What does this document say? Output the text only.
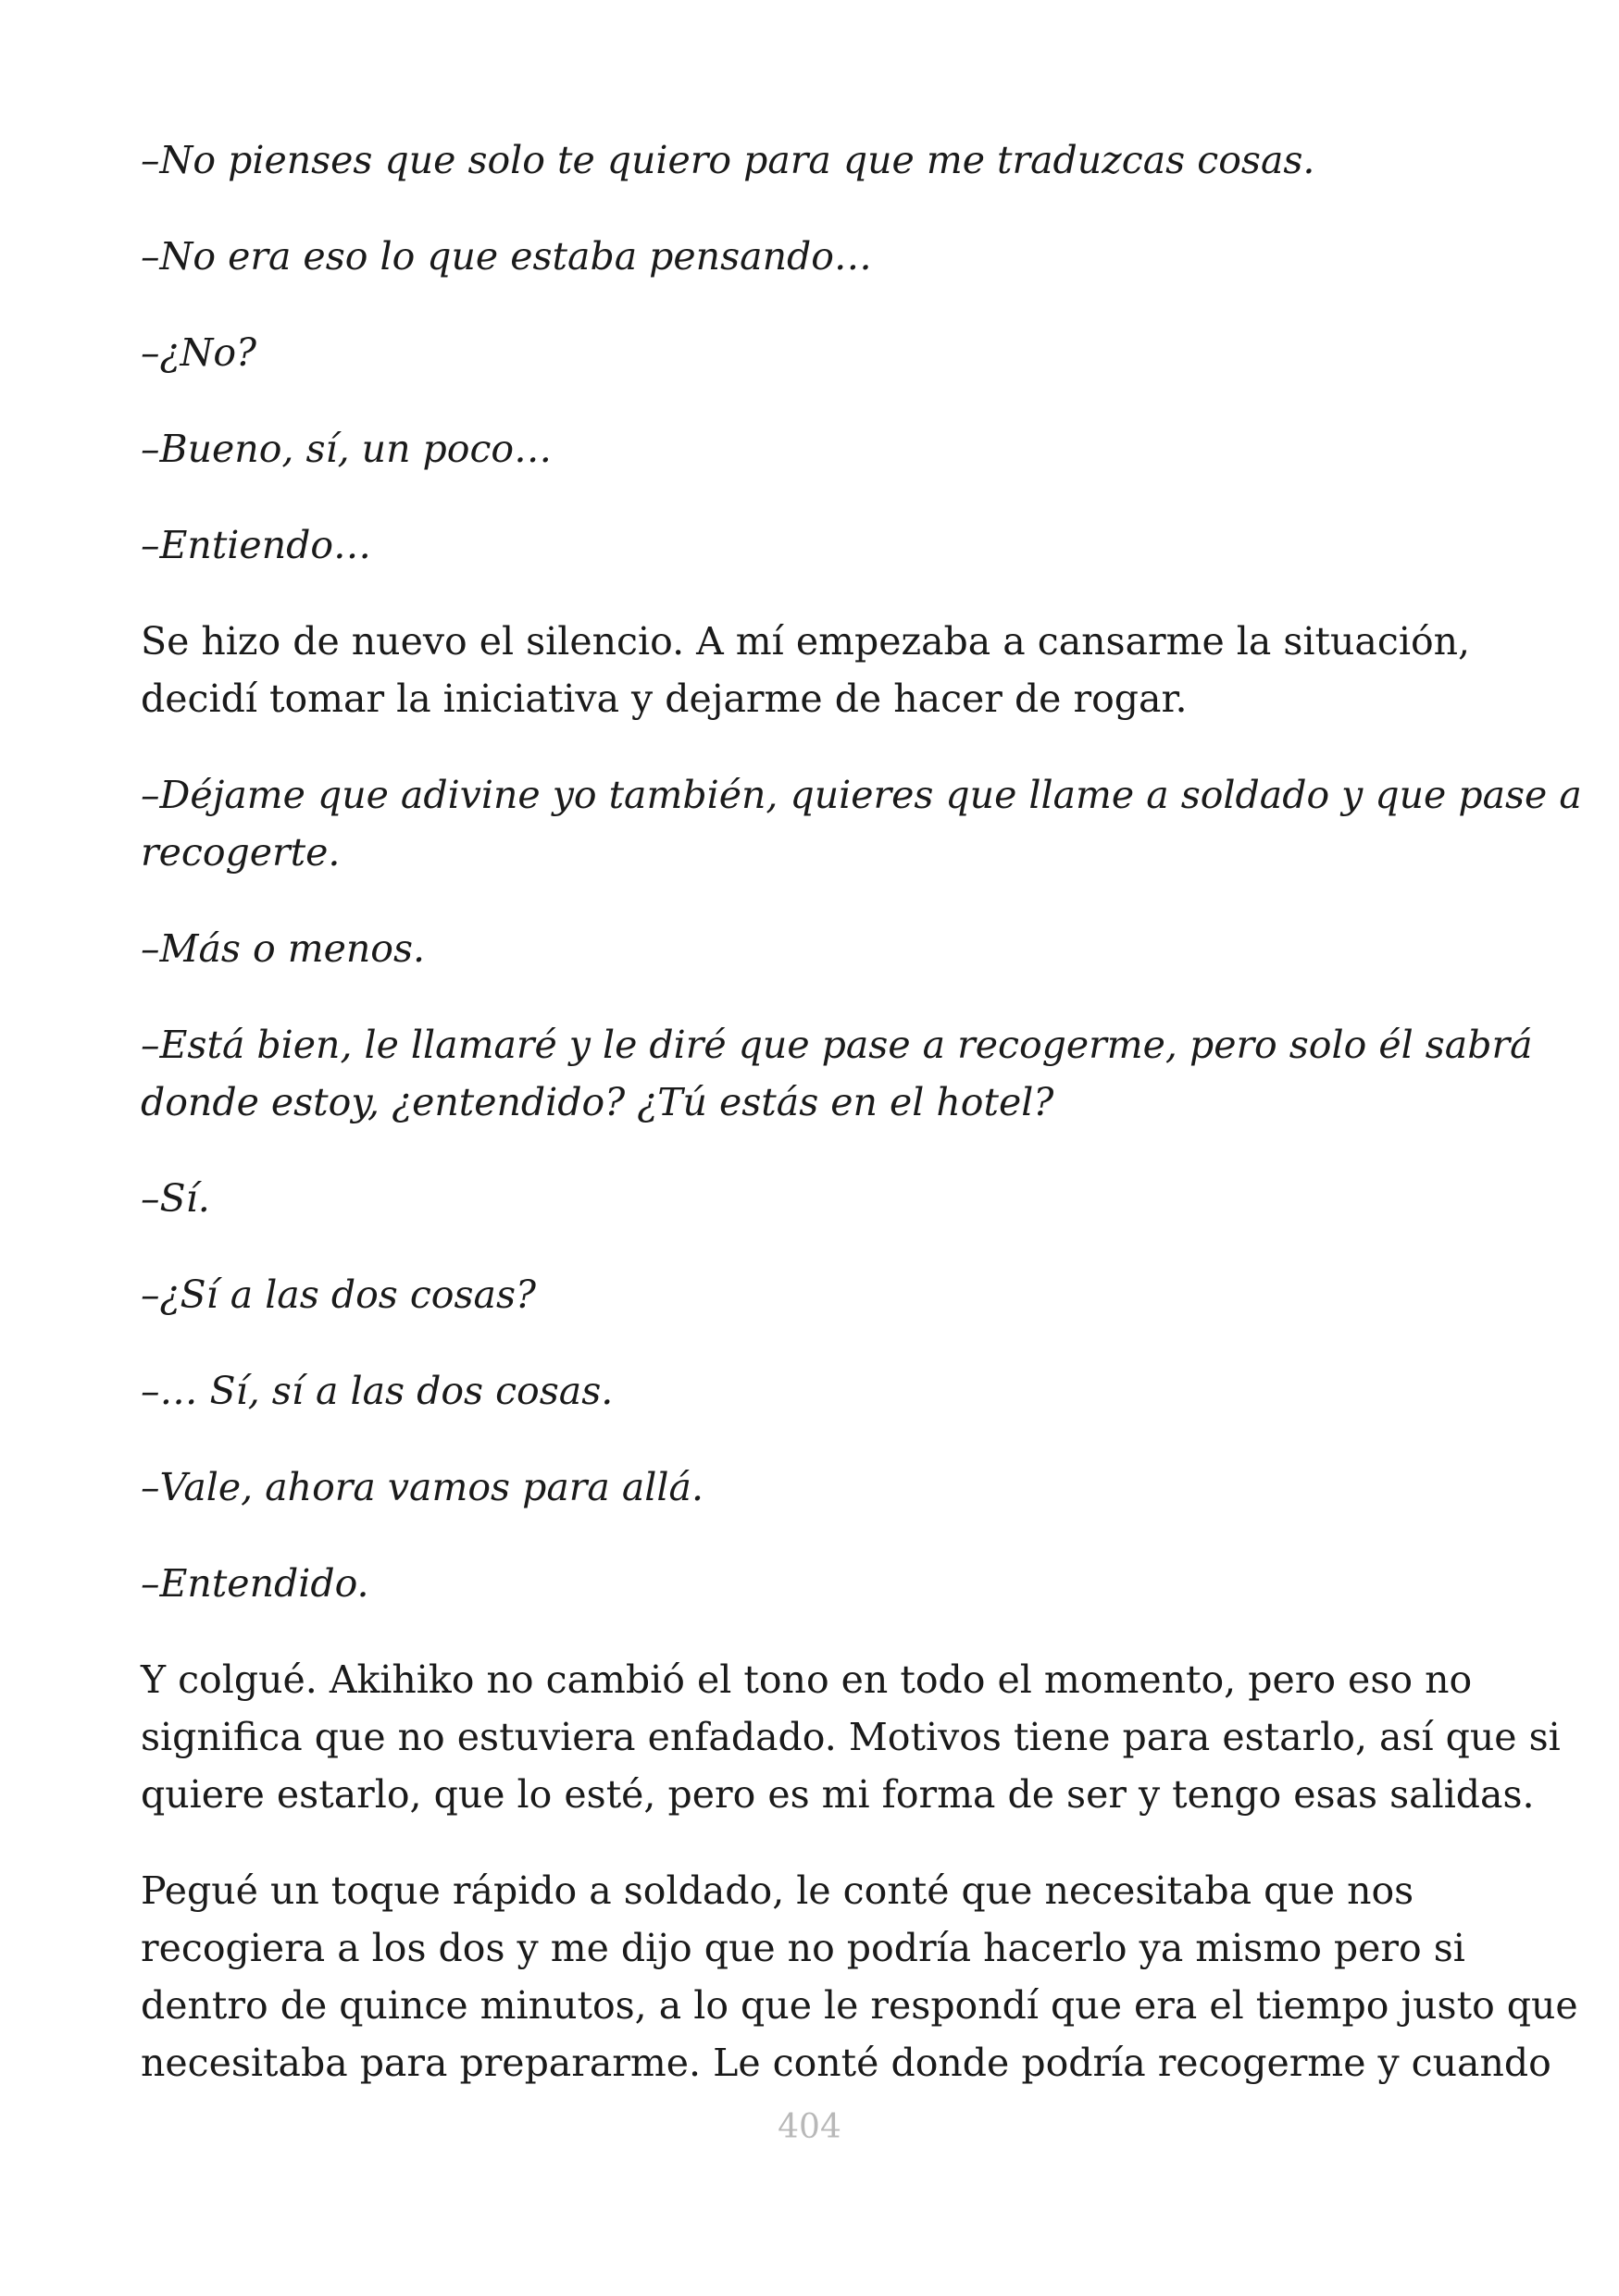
–No pienses que solo te quiero para que me traduzcas cosas.

–No era eso lo que estaba pensando…

–¿No?

–Bueno, sí, un poco…

–Entiendo…

Se hizo de nuevo el silencio. A mí empezaba a cansarme la situación,
decidí tomar la iniciativa y dejarme de hacer de rogar.

–Déjame que adivine yo también, quieres que llame a soldado y que pase a
recogerte.

–Más o menos.

–Está bien, le llamaré y le diré que pase a recogerme, pero solo él sabrá
donde estoy, ¿entendido? ¿Tú estás en el hotel?

–Sí.

–¿Sí a las dos cosas?

–… Sí, sí a las dos cosas.

–Vale, ahora vamos para allá.

–Entendido.

Y colgué. Akihiko no cambió el tono en todo el momento, pero eso no
significa que no estuviera enfadado. Motivos tiene para estarlo, así que si
quiere estarlo, que lo esté, pero es mi forma de ser y tengo esas salidas.

Pegué un toque rápido a soldado, le conté que necesitaba que nos
recogiera a los dos y me dijo que no podría hacerlo ya mismo pero si
dentro de quince minutos, a lo que le respondí que era el tiempo justo que
necesitaba para prepararme. Le conté donde podría recogerme y cuando

404
